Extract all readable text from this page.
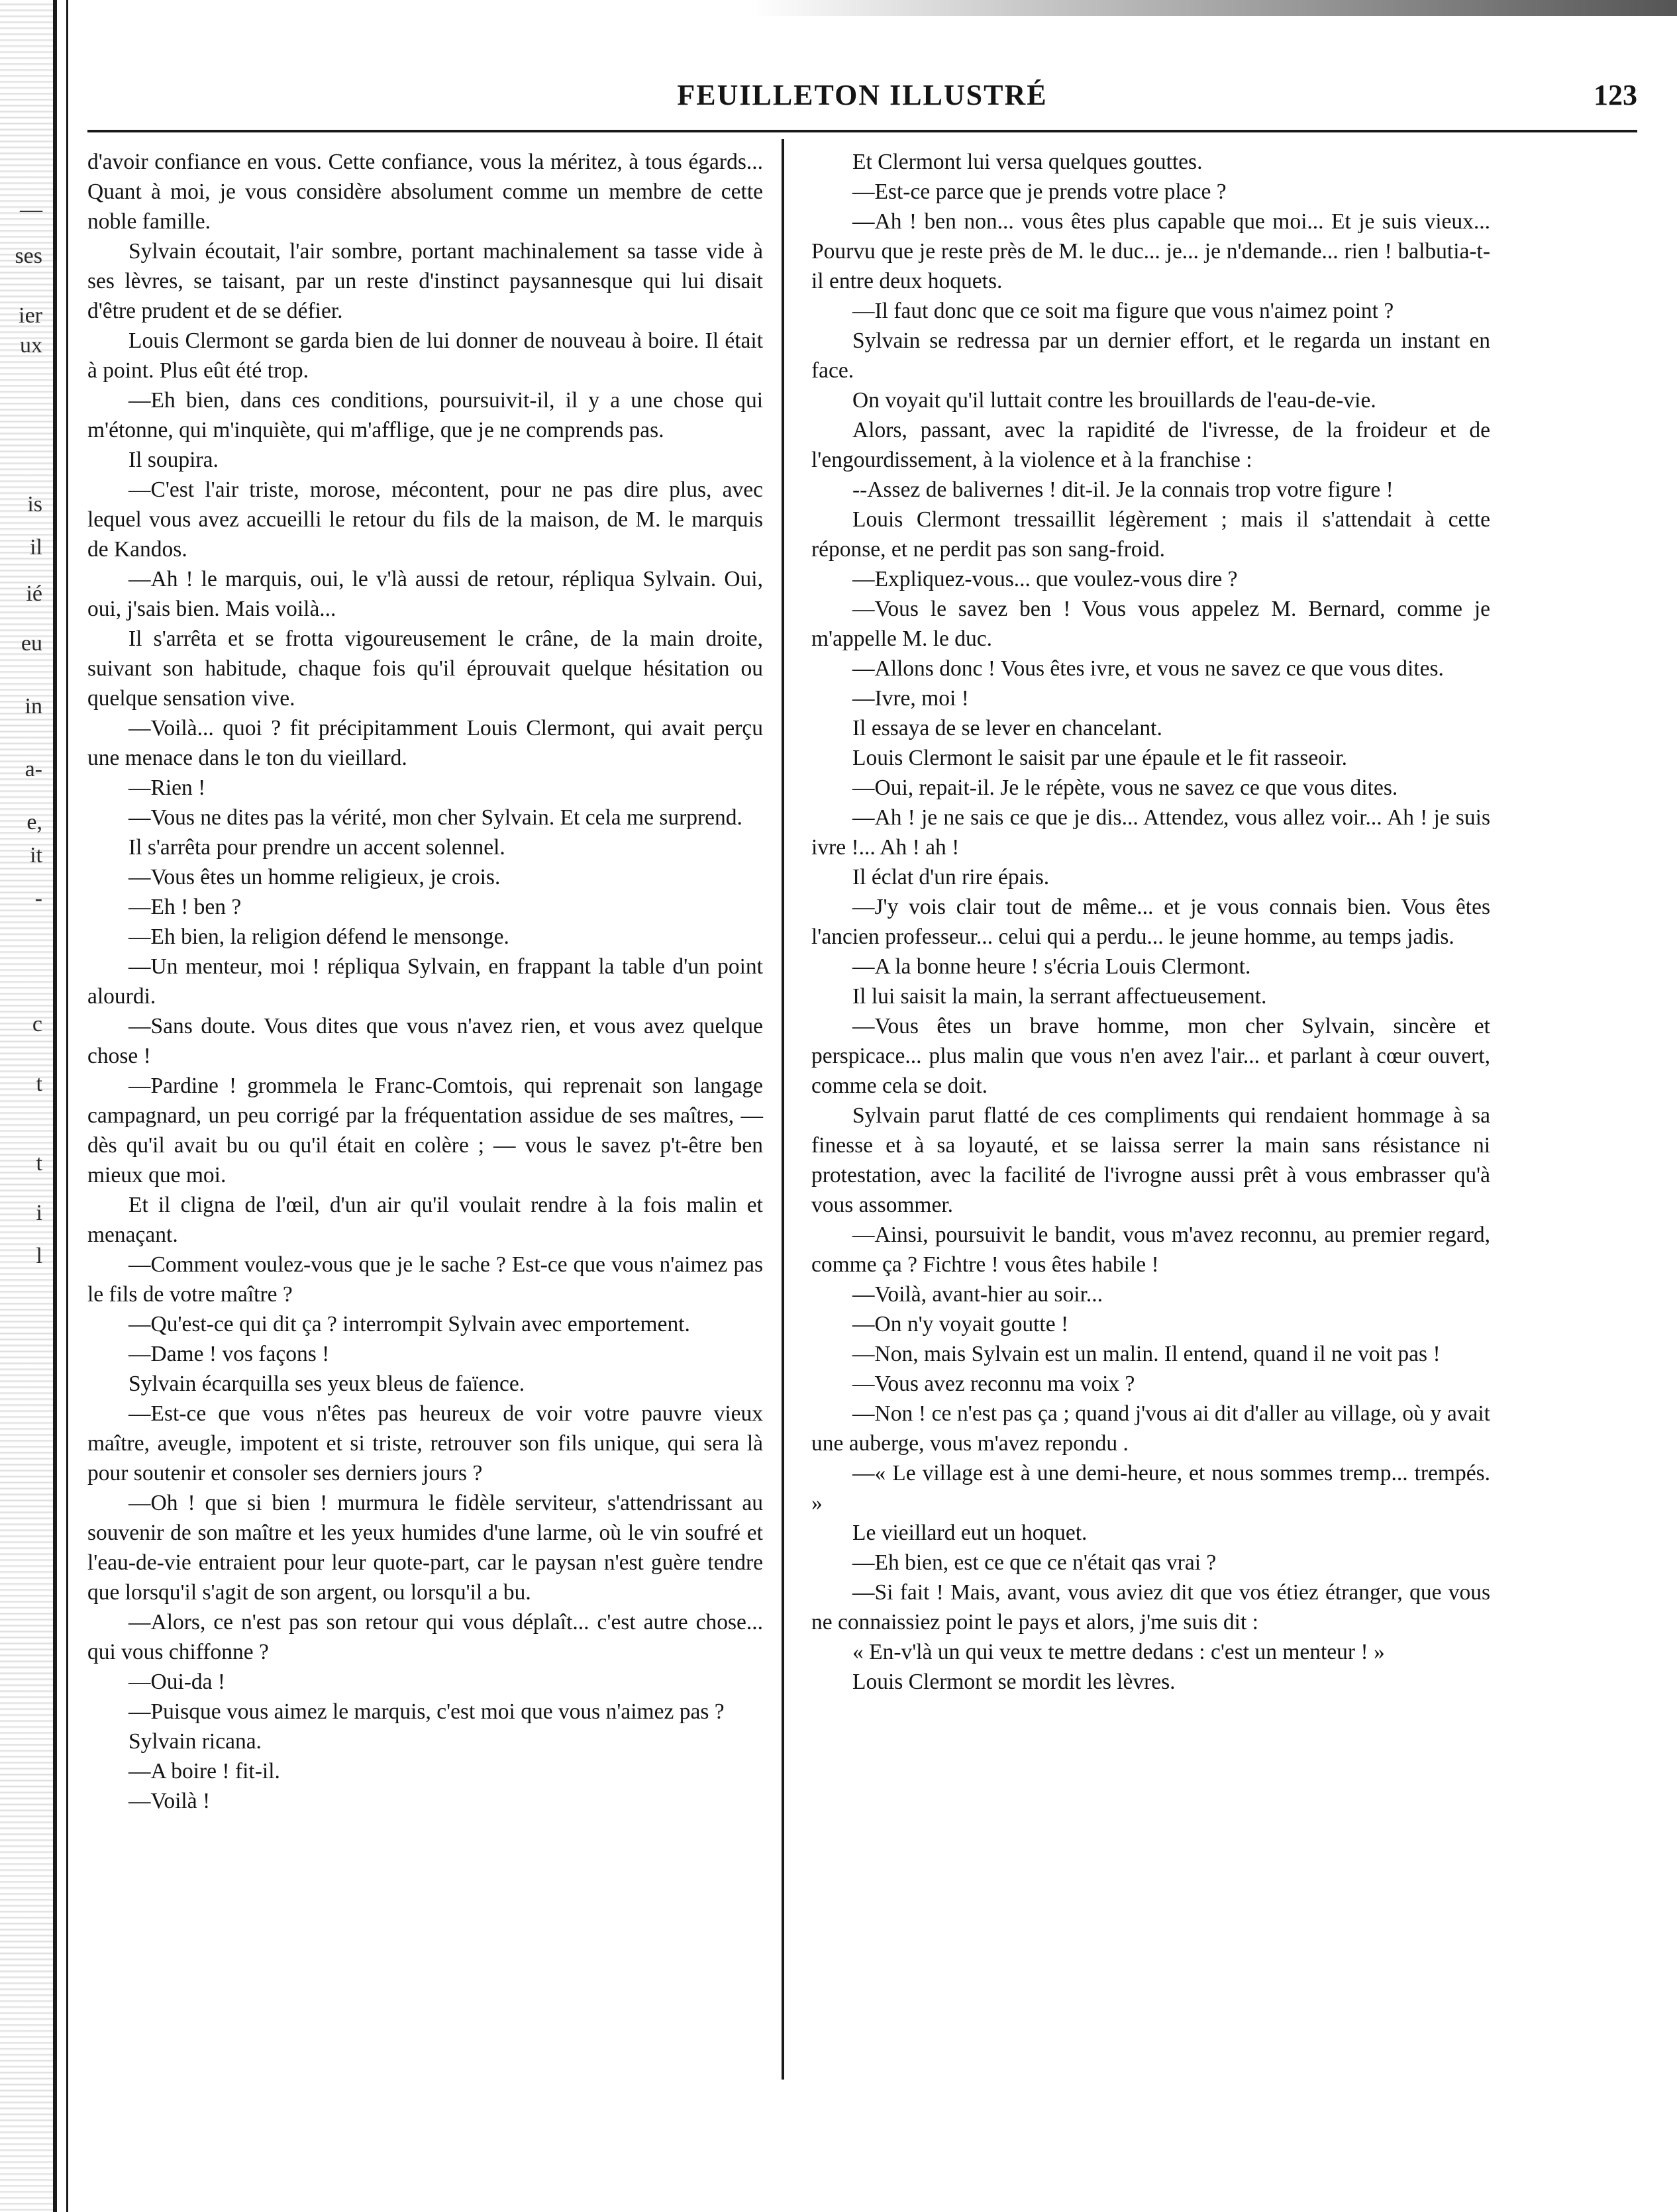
—
ses
ier
ux
is
il
ié
eu
in
a-
e,
it
-
c
t
t
i
l
FEUILLETON ILLUSTRÉ	123

d'avoir confiance en vous. Cette confiance, vous la méritez, à tous égards... Quant à moi, je vous considère absolument comme un membre de cette noble famille.

Sylvain écoutait, l'air sombre, portant machinalement sa tasse vide à ses lèvres, se taisant, par un reste d'instinct paysannesque qui lui disait d'être prudent et de se défier.

Louis Clermont se garda bien de lui donner de nouveau à boire. Il était à point. Plus eût été trop.

—Eh bien, dans ces conditions, poursuivit-il, il y a une chose qui m'étonne, qui m'inquiète, qui m'afflige, que je ne comprends pas.

Il soupira.

—C'est l'air triste, morose, mécontent, pour ne pas dire plus, avec lequel vous avez accueilli le retour du fils de la maison, de M. le marquis de Kandos.

—Ah ! le marquis, oui, le v'là aussi de retour, répliqua Sylvain. Oui, oui, j'sais bien. Mais voilà...

Il s'arrêta et se frotta vigoureusement le crâne, de la main droite, suivant son habitude, chaque fois qu'il éprouvait quelque hésitation ou quelque sensation vive.

—Voilà... quoi ? fit précipitamment Louis Clermont, qui avait perçu une menace dans le ton du vieillard.

—Rien !

—Vous ne dites pas la vérité, mon cher Sylvain. Et cela me surprend.

Il s'arrêta pour prendre un accent solennel.

—Vous êtes un homme religieux, je crois.

—Eh ! ben ?

—Eh bien, la religion défend le mensonge.

—Un menteur, moi ! répliqua Sylvain, en frappant la table d'un point alourdi.

—Sans doute. Vous dites que vous n'avez rien, et vous avez quelque chose !

—Pardine ! grommela le Franc-Comtois, qui reprenait son langage campagnard, un peu corrigé par la fréquentation assidue de ses maîtres, — dès qu'il avait bu ou qu'il était en colère ; — vous le savez p't-être ben mieux que moi.

Et il cligna de l'œil, d'un air qu'il voulait rendre à la fois malin et menaçant.

—Comment voulez-vous que je le sache ? Est-ce que vous n'aimez pas le fils de votre maître ?

—Qu'est-ce qui dit ça ? interrompit Sylvain avec emportement.

—Dame ! vos façons !

Sylvain écarquilla ses yeux bleus de faïence.

—Est-ce que vous n'êtes pas heureux de voir votre pauvre vieux maître, aveugle, impotent et si triste, retrouver son fils unique, qui sera là pour soutenir et consoler ses derniers jours ?

—Oh ! que si bien ! murmura le fidèle serviteur, s'attendrissant au souvenir de son maître et les yeux humides d'une larme, où le vin soufré et l'eau-de-vie entraient pour leur quote-part, car le paysan n'est guère tendre que lorsqu'il s'agit de son argent, ou lorsqu'il a bu.

—Alors, ce n'est pas son retour qui vous déplaît... c'est autre chose... qui vous chiffonne ?

—Oui-da !

—Puisque vous aimez le marquis, c'est moi que vous n'aimez pas ?

Sylvain ricana.

—A boire ! fit-il.

—Voilà !

Et Clermont lui versa quelques gouttes.

—Est-ce parce que je prends votre place ?

—Ah ! ben non... vous êtes plus capable que moi... Et je suis vieux... Pourvu que je reste près de M. le duc... je... je n'demande... rien ! balbutia-t-il entre deux hoquets.

—Il faut donc que ce soit ma figure que vous n'aimez point ?

Sylvain se redressa par un dernier effort, et le regarda un instant en face.

On voyait qu'il luttait contre les brouillards de l'eau-de-vie.

Alors, passant, avec la rapidité de l'ivresse, de la froideur et de l'engourdissement, à la violence et à la franchise :

--Assez de balivernes ! dit-il. Je la connais trop votre figure !

Louis Clermont tressaillit légèrement ; mais il s'attendait à cette réponse, et ne perdit pas son sang-froid.

—Expliquez-vous... que voulez-vous dire ?

—Vous le savez ben ! Vous vous appelez M. Bernard, comme je m'appelle M. le duc.

—Allons donc ! Vous êtes ivre, et vous ne savez ce que vous dites.

—Ivre, moi !

Il essaya de se lever en chancelant.

Louis Clermont le saisit par une épaule et le fit rasseoir.

—Oui, repait-il. Je le répète, vous ne savez ce que vous dites.

—Ah ! je ne sais ce que je dis... Attendez, vous allez voir... Ah ! je suis ivre !... Ah ! ah !

Il éclat d'un rire épais.

—J'y vois clair tout de même... et je vous connais bien. Vous êtes l'ancien professeur... celui qui a perdu... le jeune homme, au temps jadis.

—A la bonne heure ! s'écria Louis Clermont.

Il lui saisit la main, la serrant affectueusement.

—Vous êtes un brave homme, mon cher Sylvain, sincère et perspicace... plus malin que vous n'en avez l'air... et parlant à cœur ouvert, comme cela se doit.

Sylvain parut flatté de ces compliments qui rendaient hommage à sa finesse et à sa loyauté, et se laissa serrer la main sans résistance ni protestation, avec la facilité de l'ivrogne aussi prêt à vous embrasser qu'à vous assommer.

—Ainsi, poursuivit le bandit, vous m'avez reconnu, au premier regard, comme ça ? Fichtre ! vous êtes habile !

—Voilà, avant-hier au soir...

—On n'y voyait goutte !

—Non, mais Sylvain est un malin. Il entend, quand il ne voit pas !

—Vous avez reconnu ma voix ?

—Non ! ce n'est pas ça ; quand j'vous ai dit d'aller au village, où y avait une auberge, vous m'avez repondu .

—« Le village est à une demi-heure, et nous sommes tremp... trempés. »

Le vieillard eut un hoquet.

—Eh bien, est ce que ce n'était qas vrai ?

—Si fait ! Mais, avant, vous aviez dit que vos étiez étranger, que vous ne connaissiez point le pays et alors, j'me suis dit :

« En-v'là un qui veux te mettre dedans : c'est un menteur ! »

Louis Clermont se mordit les lèvres.
